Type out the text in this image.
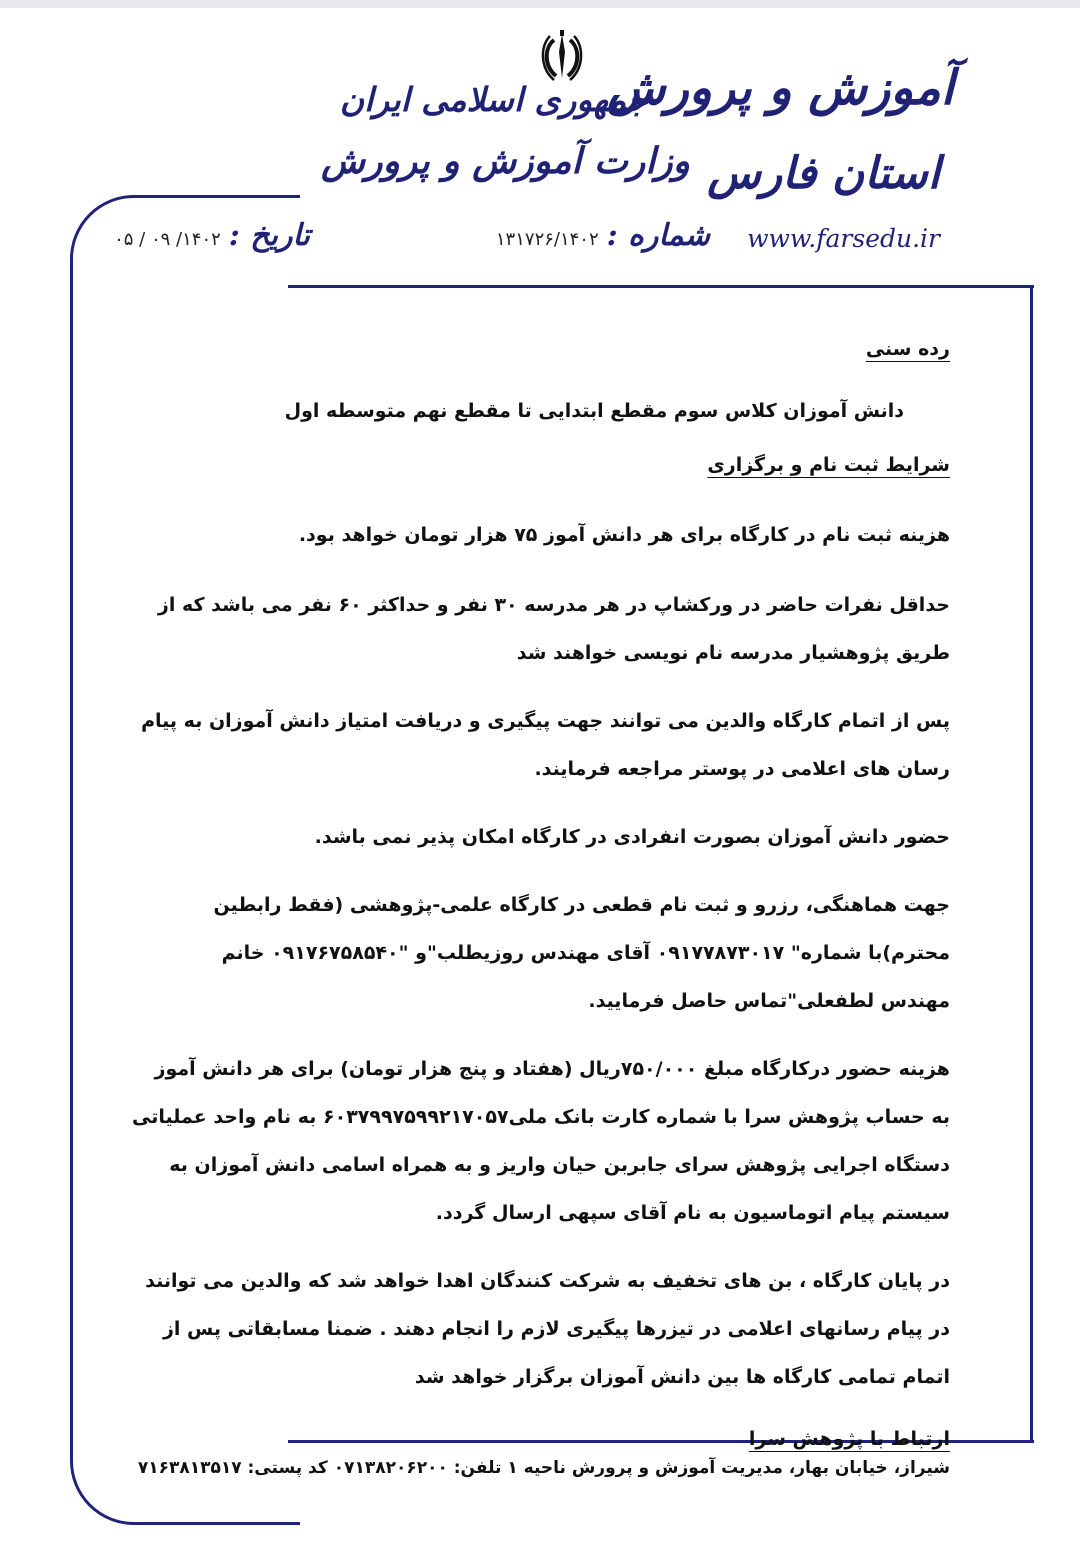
آموزش و پرورش
استان فارس
جمهوری اسلامی ایران
وزارت آموزش و پرورش
www.farsedu.ir
شماره :۱۳۱۷۲۶/۱۴۰۲
تاریخ :۱۴۰۲/ ۰۹ / ۰۵

رده سنی

دانش آموزان کلاس سوم مقطع ابتدایی تا مقطع نهم متوسطه اول

شرایط ثبت نام و برگزاری

هزینه ثبت نام در کارگاه برای هر دانش آموز ۷۵ هزار تومان خواهد بود.

حداقل نفرات حاضر در ورکشاپ در هر مدرسه ۳۰ نفر و حداکثر ۶۰ نفر می باشد که از طریق پژوهشیار مدرسه نام نویسی خواهند شد

پس از اتمام کارگاه والدین می توانند جهت پیگیری و دریافت امتیاز دانش آموزان به پیام رسان های اعلامی در پوستر مراجعه فرمایند.

حضور دانش آموزان بصورت انفرادی در کارگاه امکان پذیر نمی باشد.

جهت هماهنگی، رزرو و ثبت نام قطعی در کارگاه علمی-پژوهشی (فقط رابطین محترم)با شماره" ۰۹۱۷۷۸۷۳۰۱۷ آقای مهندس روزیطلب"و "۰۹۱۷۶۷۵۸۵۴۰ خانم مهندس لطفعلی"تماس حاصل فرمایید.

هزینه حضور درکارگاه مبلغ ۷۵۰/۰۰۰ریال (هفتاد و پنج هزار تومان) برای هر دانش آموز به حساب پژوهش سرا با شماره کارت بانک ملی۶۰۳۷۹۹۷۵۹۹۲۱۷۰۵۷ به نام واحد عملیاتی دستگاه اجرایی پژوهش سرای جابربن حیان واریز و به همراه اسامی دانش آموزان به سیستم پیام اتوماسیون به نام آقای سپهی ارسال گردد.

در پایان کارگاه ، بن های تخفیف به شرکت کنندگان اهدا خواهد شد که والدین می توانند در پیام رسانهای اعلامی در تیزرها پیگیری لازم را انجام دهند . ضمنا مسابقاتی پس از اتمام تمامی کارگاه ها بین دانش آموزان برگزار خواهد شد

ارتباط با پژوهش سرا

شیراز، خیابان بهار، مدیریت آموزش و پرورش ناحیه ۱ تلفن: ۰۷۱۳۸۲۰۶۲۰۰ کد پستی: ۷۱۶۳۸۱۳۵۱۷
